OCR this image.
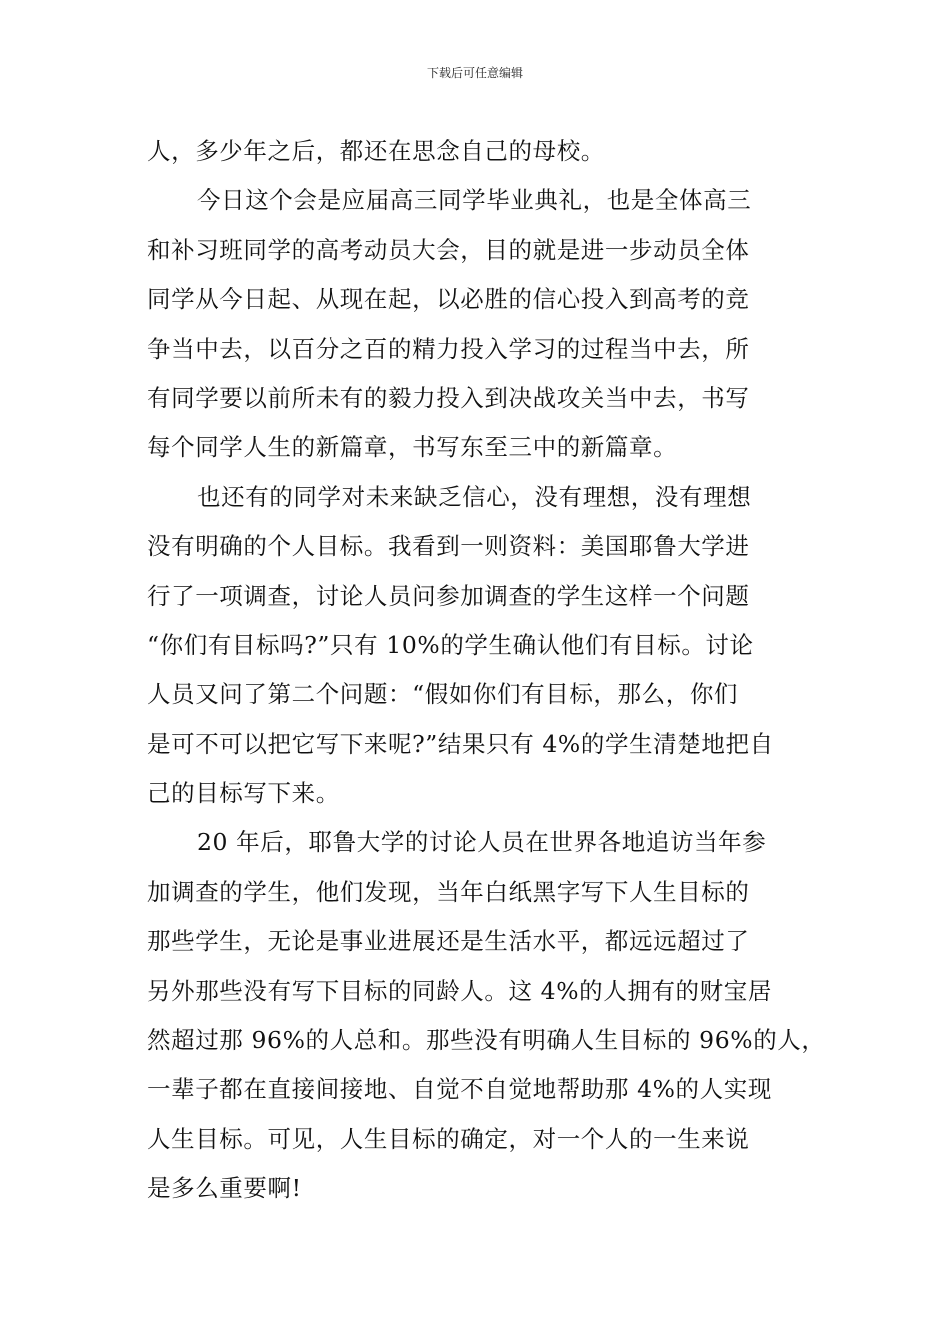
下载后可任意编辑
人，多少年之后，都还在思念自己的母校。
今日这个会是应届高三同学毕业典礼，也是全体高三
和补习班同学的高考动员大会，目的就是进一步动员全体
同学从今日起、从现在起，以必胜的信心投入到高考的竞
争当中去，以百分之百的精力投入学习的过程当中去，所
有同学要以前所未有的毅力投入到决战攻关当中去，书写
每个同学人生的新篇章，书写东至三中的新篇章。
也还有的同学对未来缺乏信心，没有理想，没有理想
没有明确的个人目标。我看到一则资料：美国耶鲁大学进
行了一项调查，讨论人员问参加调查的学生这样一个问题
“你们有目标吗?”只有 10%的学生确认他们有目标。讨论
人员又问了第二个问题：“假如你们有目标，那么，你们
是可不可以把它写下来呢?”结果只有 4%的学生清楚地把自
己的目标写下来。
20 年后，耶鲁大学的讨论人员在世界各地追访当年参
加调查的学生，他们发现，当年白纸黑字写下人生目标的
那些学生，无论是事业进展还是生活水平，都远远超过了
另外那些没有写下目标的同龄人。这 4%的人拥有的财宝居
然超过那 96%的人总和。那些没有明确人生目标的 96%的人，
一辈子都在直接间接地、自觉不自觉地帮助那 4%的人实现
人生目标。可见，人生目标的确定，对一个人的一生来说
是多么重要啊!
